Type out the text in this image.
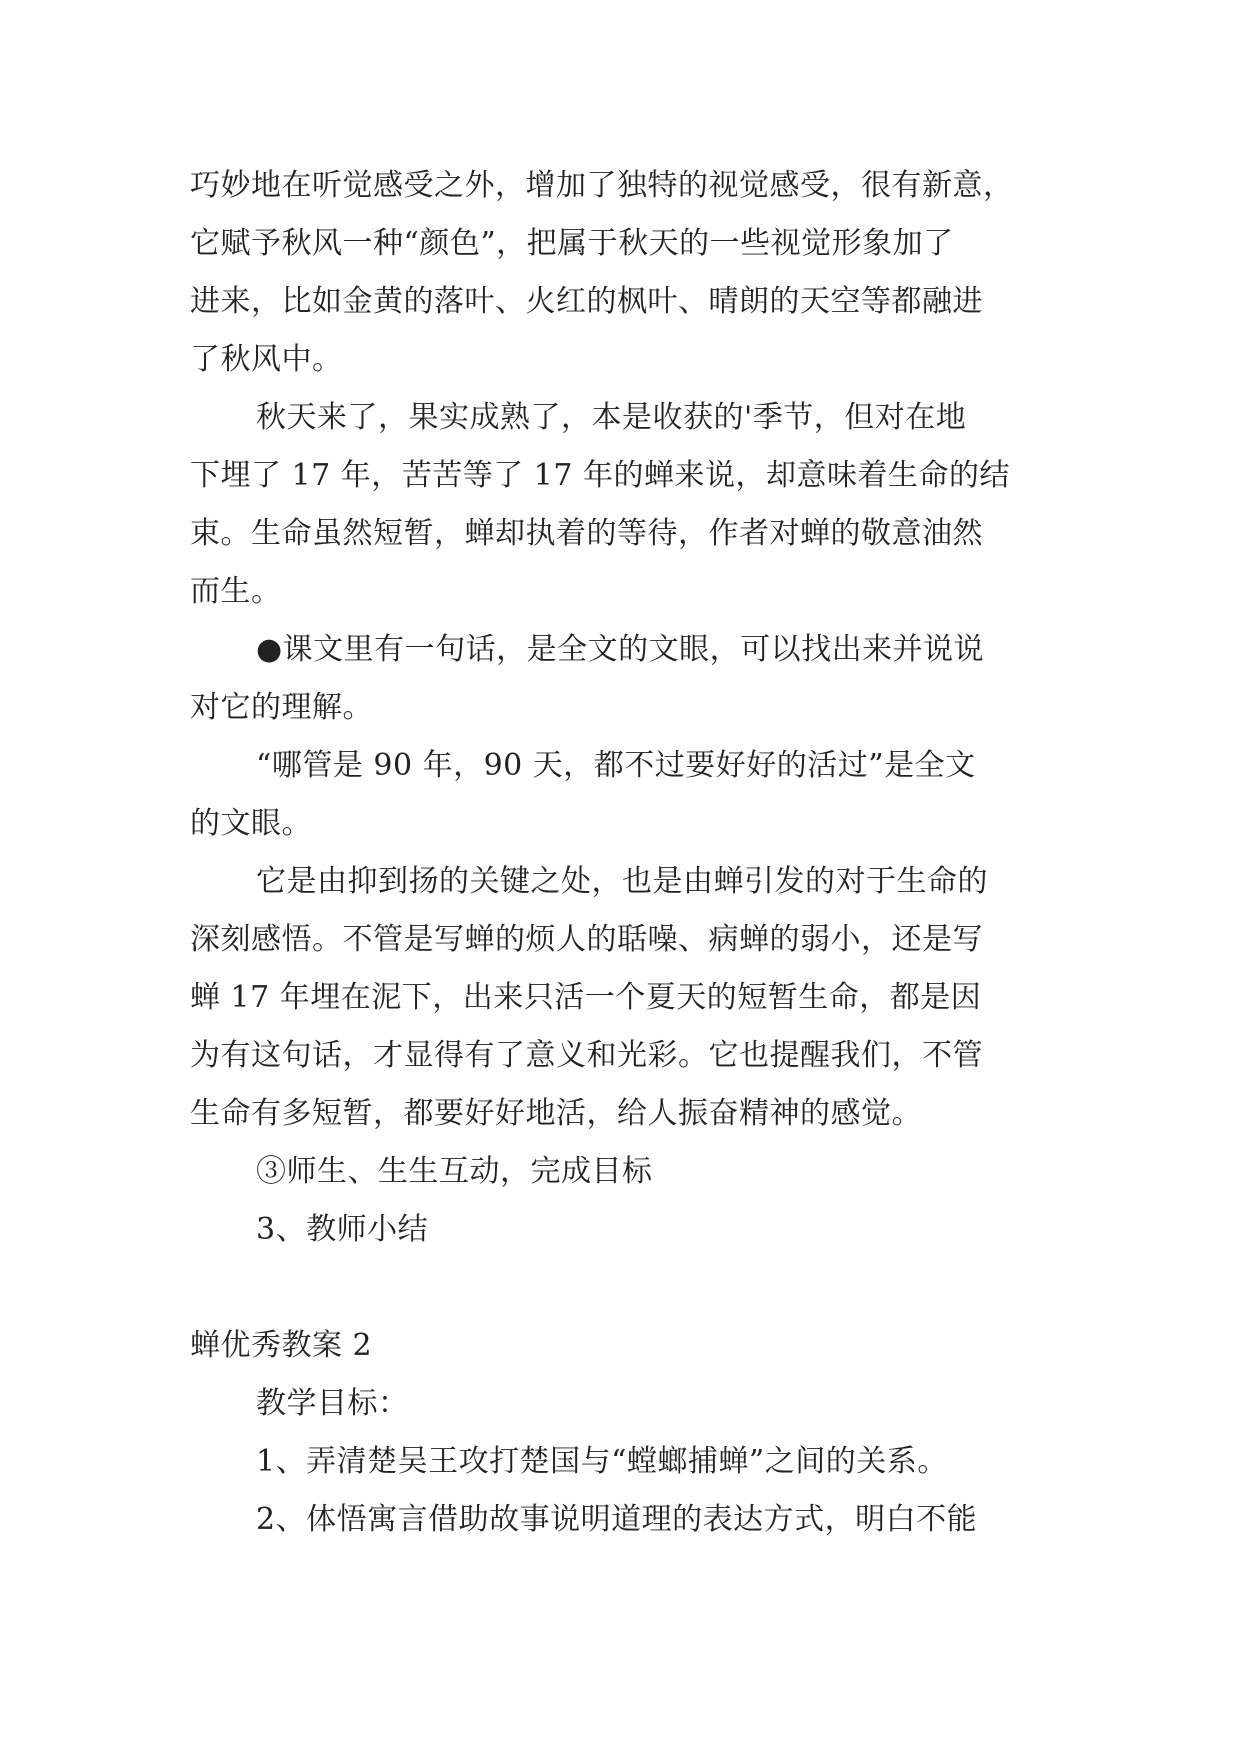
巧妙地在听觉感受之外，增加了独特的视觉感受，很有新意，
它赋予秋风一种“颜色”，把属于秋天的一些视觉形象加了
进来，比如金黄的落叶、火红的枫叶、晴朗的天空等都融进
了秋风中。
秋天来了，果实成熟了，本是收获的'季节，但对在地
下埋了 17 年，苦苦等了 17 年的蝉来说，却意味着生命的结
束。生命虽然短暂，蝉却执着的等待，作者对蝉的敬意油然
而生。
●课文里有一句话，是全文的文眼，可以找出来并说说
对它的理解。
“哪管是 90 年，90 天，都不过要好好的活过”是全文
的文眼。
它是由抑到扬的关键之处，也是由蝉引发的对于生命的
深刻感悟。不管是写蝉的烦人的聒噪、病蝉的弱小，还是写
蝉 17 年埋在泥下，出来只活一个夏天的短暂生命，都是因
为有这句话，才显得有了意义和光彩。它也提醒我们，不管
生命有多短暂，都要好好地活，给人振奋精神的感觉。
③师生、生生互动，完成目标
3、教师小结
蝉优秀教案 2
教学目标：
1、弄清楚吴王攻打楚国与“螳螂捕蝉”之间的关系。
2、体悟寓言借助故事说明道理的表达方式，明白不能
